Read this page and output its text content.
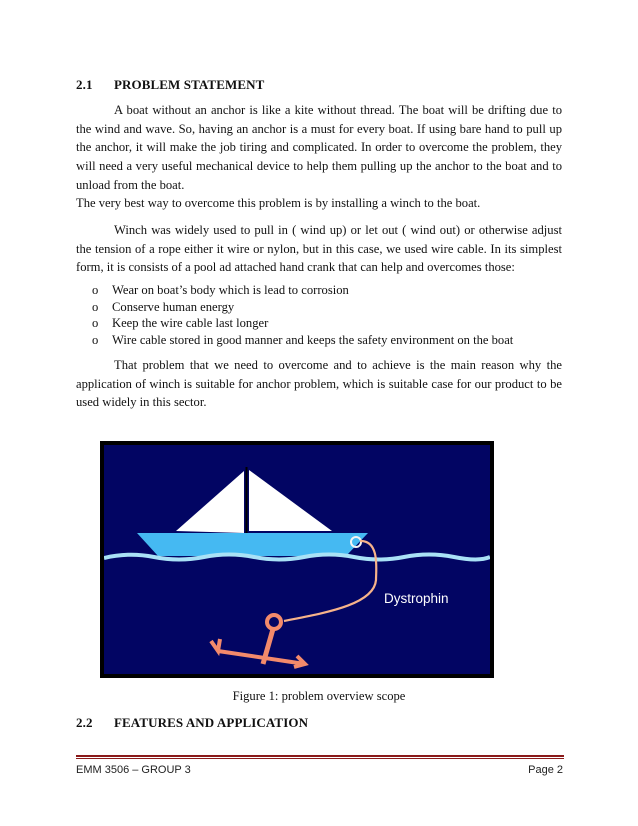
2.1 PROBLEM STATEMENT

A boat without an anchor is like a kite without thread. The boat will be drifting due to the wind and wave. So, having an anchor is a must for every boat. If using bare hand to pull up the anchor, it will make the job tiring and complicated. In order to overcome the problem, they will need a very useful mechanical device to help them pulling up the anchor to the boat and to unload from the boat.

The very best way to overcome this problem is by installing a winch to the boat.

Winch was widely used to pull in ( wind up) or let out ( wind out) or otherwise adjust the tension of a rope either it wire or nylon, but in this case, we used wire cable. In its simplest form, it is consists of a pool ad attached hand crank that can help and overcomes those:

o Wear on boat’s body which is lead to corrosion
o Conserve human energy
o Keep the wire cable last longer
o Wire cable stored in good manner and keeps the safety environment on the boat

That problem that we need to overcome and to achieve is the main reason why the application of winch is suitable for anchor problem, which is suitable case for our product to be used widely in this sector.

Dystrophin
Figure 1: problem overview scope
2.2 FEATURES AND APPLICATION
EMM 3506 – GROUP 3	Page 2
